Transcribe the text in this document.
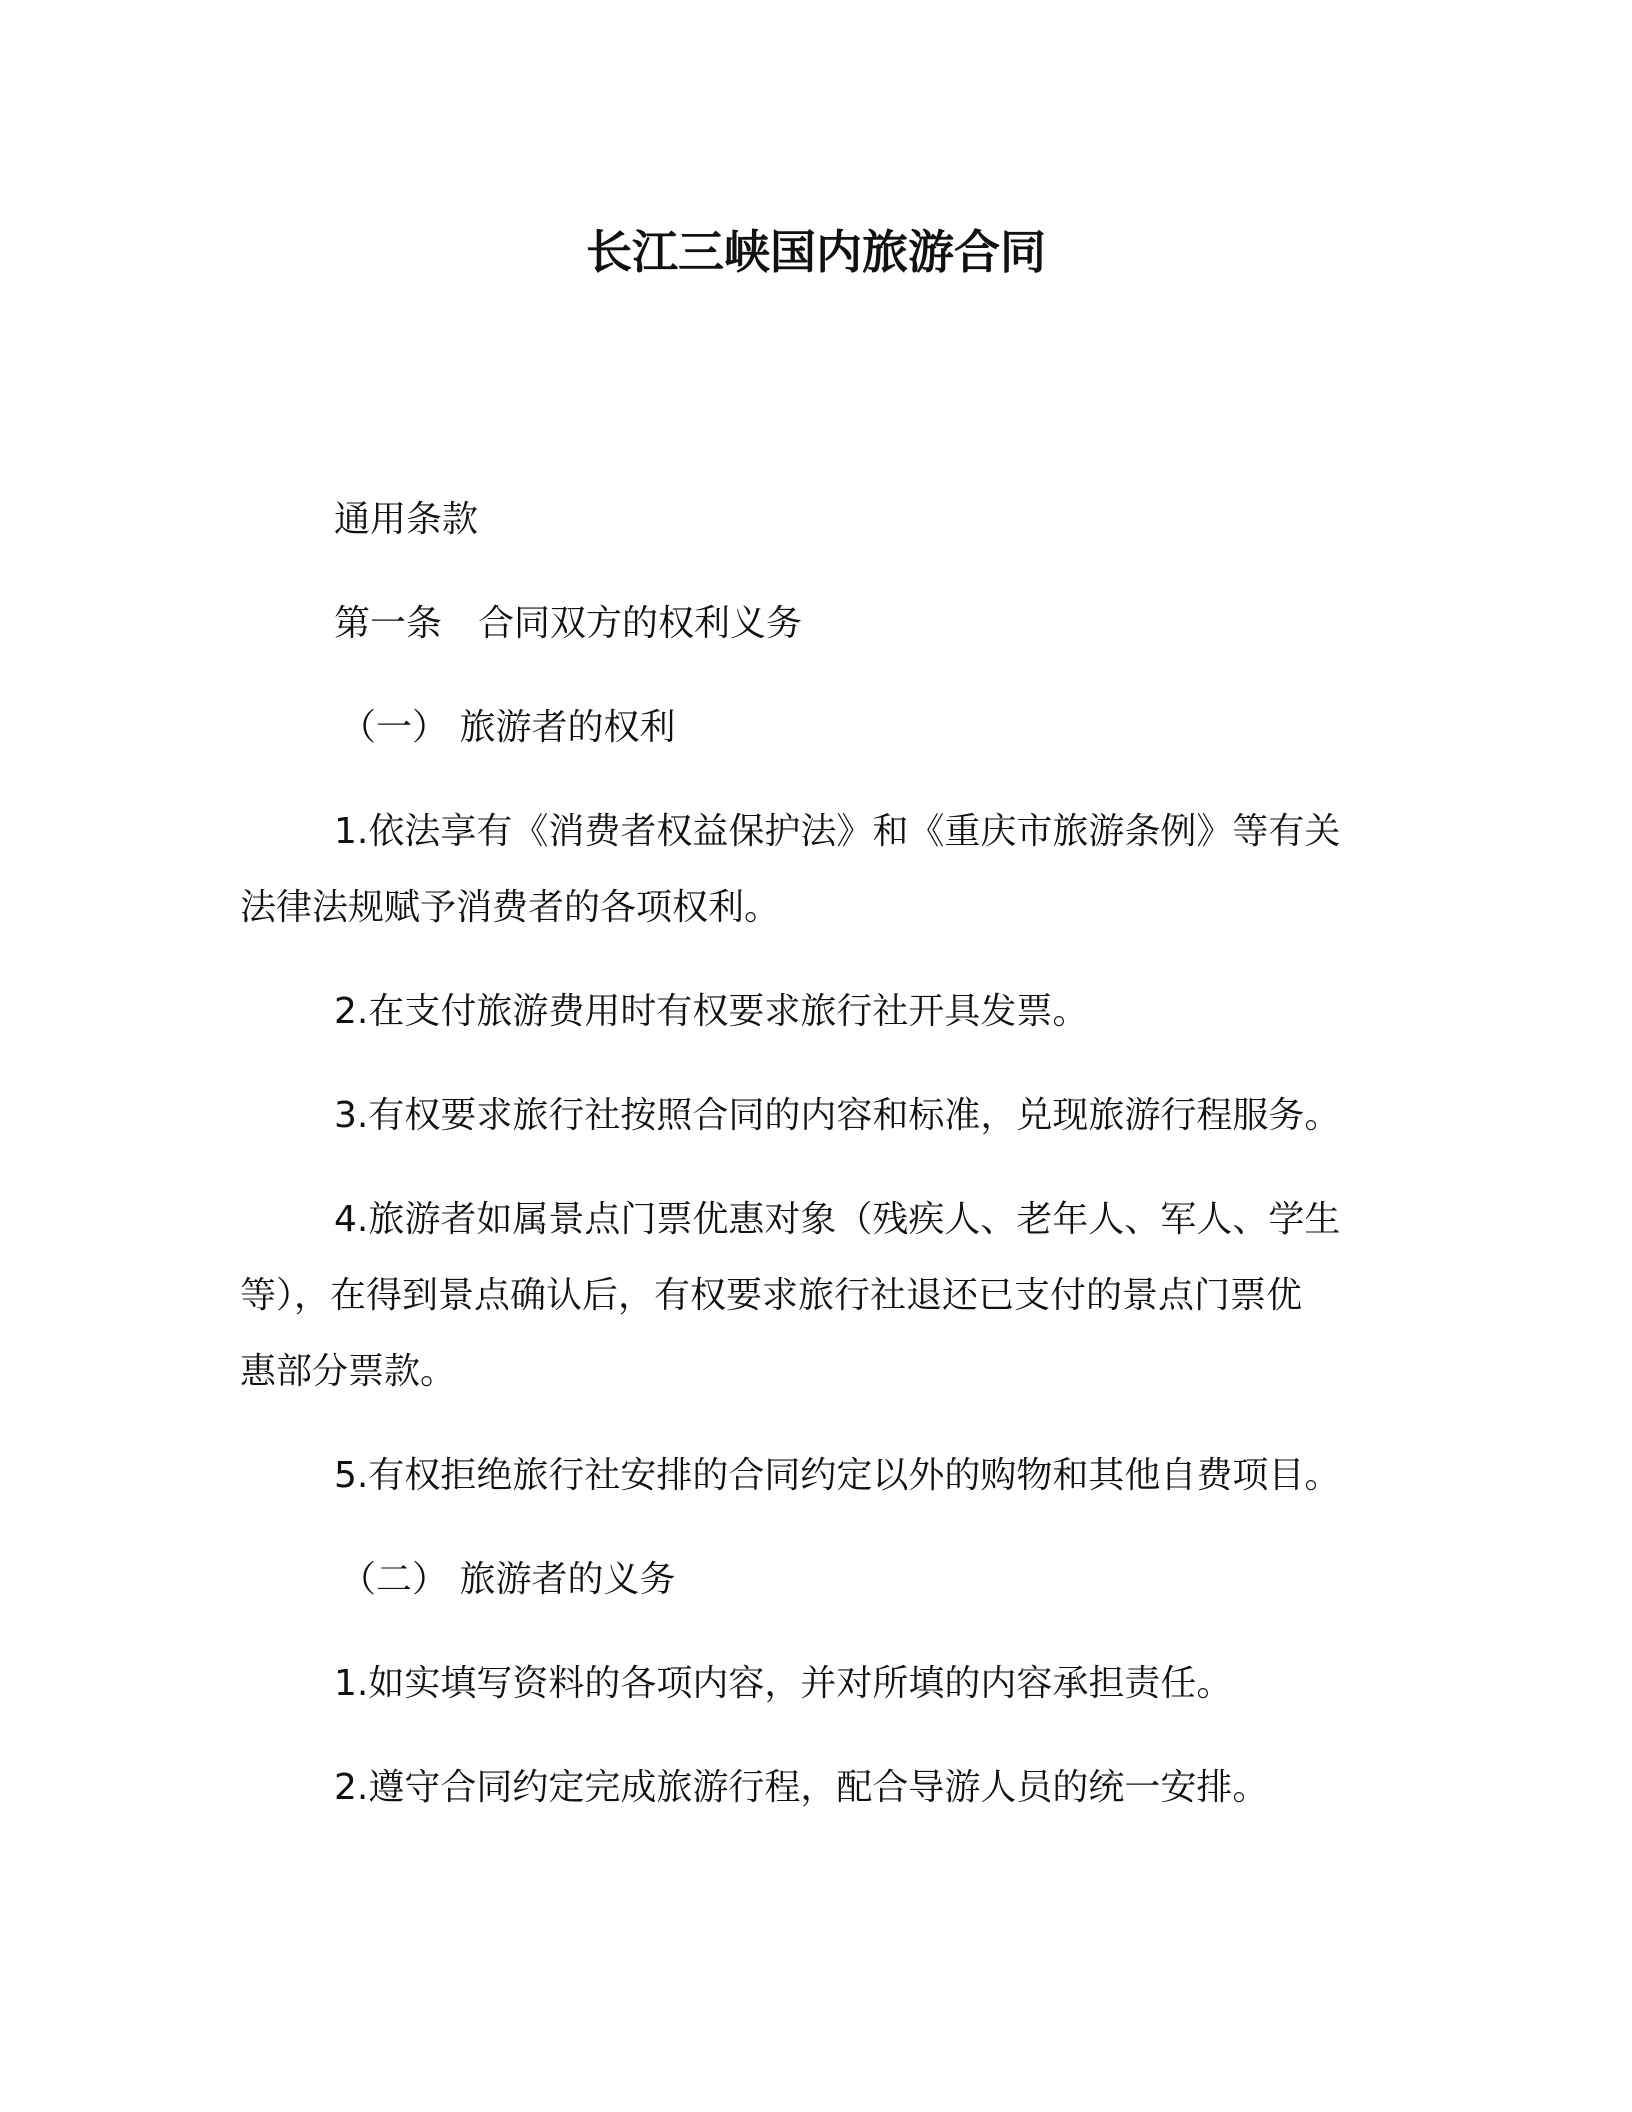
长江三峡国内旅游合同

通用条款

第一条　合同双方的权利义务

（一） 旅游者的权利

1.依法享有《消费者权益保护法》和《重庆市旅游条例》等有关

法律法规赋予消费者的各项权利。

2.在支付旅游费用时有权要求旅行社开具发票。

3.有权要求旅行社按照合同的内容和标准，兑现旅游行程服务。

4.旅游者如属景点门票优惠对象（残疾人、老年人、军人、学生

等），在得到景点确认后，有权要求旅行社退还已支付的景点门票优

惠部分票款。

5.有权拒绝旅行社安排的合同约定以外的购物和其他自费项目。

（二） 旅游者的义务

1.如实填写资料的各项内容，并对所填的内容承担责任。

2.遵守合同约定完成旅游行程，配合导游人员的统一安排。
